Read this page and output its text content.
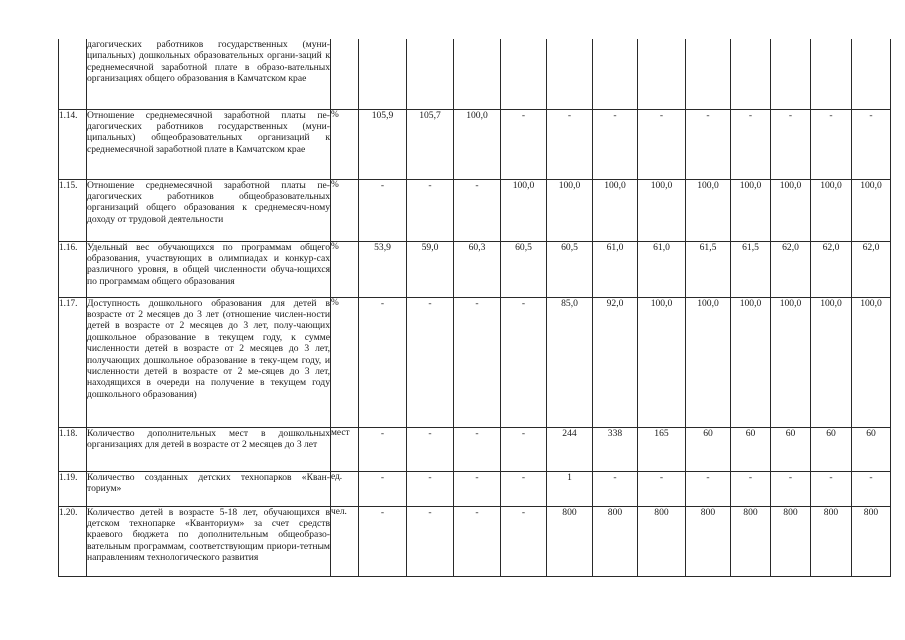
	дагогических работников государственных (муни-ципальных) дошкольных образовательных органи-заций к среднемесячной заработной плате в образо-вательных организациях общего образования в Камчатском крае													
1.14.	Отношение среднемесячной заработной платы пе-дагогических работников государственных (муни-ципальных) общеобразовательных организаций к среднемесячной заработной плате в Камчатском крае	%	105,9	105,7	100,0	-	-	-	-	-	-	-	-	-
1.15.	Отношение среднемесячной заработной платы пе-дагогических работников общеобразовательных организаций общего образования к среднемесяч-ному доходу от трудовой деятельности	%	-	-	-	100,0	100,0	100,0	100,0	100,0	100,0	100,0	100,0	100,0
1.16.	Удельный вес обучающихся по программам общего образования, участвующих в олимпиадах и конкур-сах различного уровня, в общей численности обуча-ющихся по программам общего образования	%	53,9	59,0	60,3	60,5	60,5	61,0	61,0	61,5	61,5	62,0	62,0	62,0
1.17.	Доступность дошкольного образования для детей в возрасте от 2 месяцев до 3 лет (отношение числен-ности детей в возрасте от 2 месяцев до 3 лет, полу-чающих дошкольное образование в текущем году, к сумме численности детей в возрасте от 2 месяцев до 3 лет, получающих дошкольное образование в теку-щем году, и численности детей в возрасте от 2 ме-сяцев до 3 лет, находящихся в очереди на получение в текущем году дошкольного образования)	%	-	-	-	-	85,0	92,0	100,0	100,0	100,0	100,0	100,0	100,0
1.18.	Количество дополнительных мест в дошкольных организациях для детей в возрасте от 2 месяцев до 3 лет	мест	-	-	-	-	244	338	165	60	60	60	60	60
1.19.	Количество созданных детских технопарков «Кван-ториум»	ед.	-	-	-	-	1	-	-	-	-	-	-	-
1.20.	Количество детей в возрасте 5-18 лет, обучающихся в детском технопарке «Кванториум» за счет средств краевого бюджета по дополнительным общеобразо-вательным программам, соответствующим приори-тетным направлениям технологического развития	чел.	-	-	-	-	800	800	800	800	800	800	800	800
